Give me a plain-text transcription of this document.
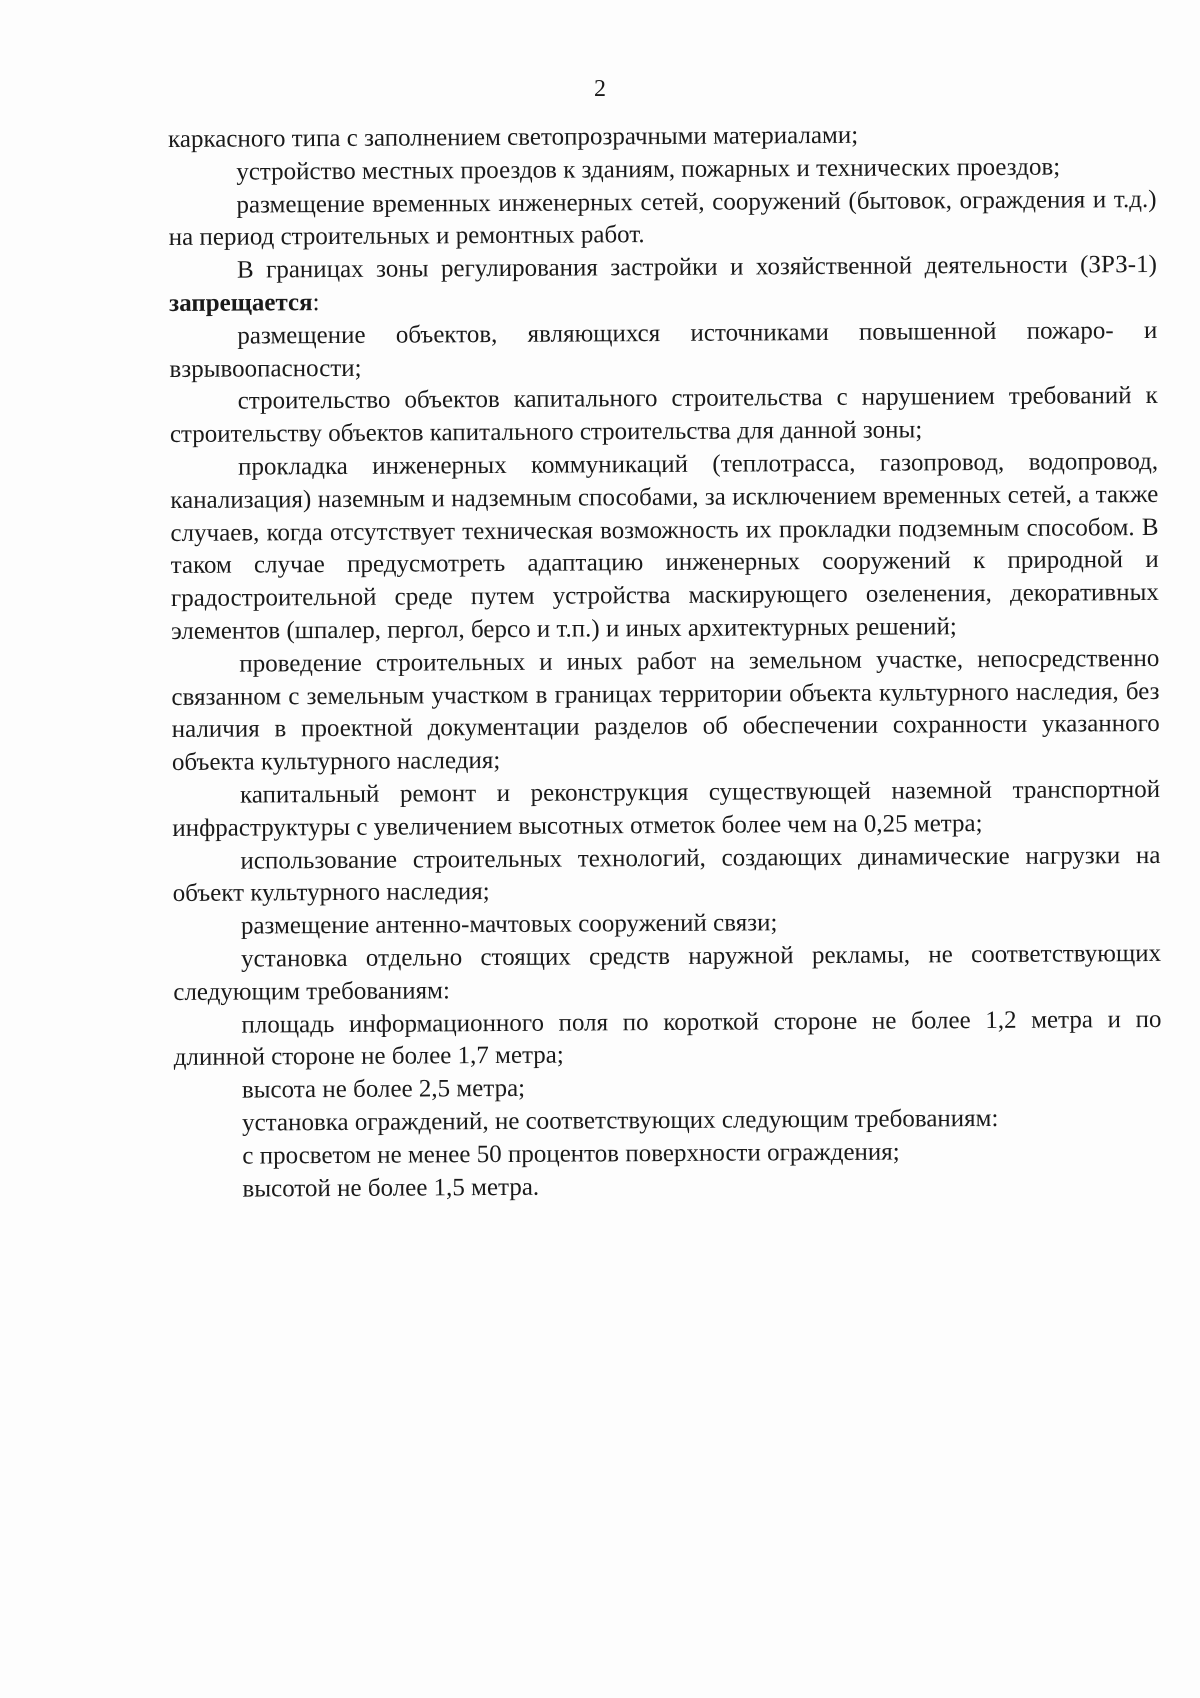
2

каркасного типа с заполнением светопрозрачными материалами;

устройство местных проездов к зданиям, пожарных и технических проездов;

размещение временных инженерных сетей, сооружений (бытовок, ограждения и т.д.) на период строительных и ремонтных работ.

В границах зоны регулирования застройки и хозяйственной деятельности (ЗРЗ-1) запрещается:

размещение объектов, являющихся источниками повышенной пожаро- и взрывоопасности;

строительство объектов капитального строительства с нарушением требований к строительству объектов капитального строительства для данной зоны;

прокладка инженерных коммуникаций (теплотрасса, газопровод, водопровод, канализация) наземным и надземным способами, за исключением временных сетей, а также случаев, когда отсутствует техническая возможность их прокладки подземным способом. В таком случае предусмотреть адаптацию инженерных сооружений к природной и градостроительной среде путем устройства маскирующего озеленения, декоративных элементов (шпалер, пергол, берсо и т.п.) и иных архитектурных решений;

проведение строительных и иных работ на земельном участке, непосредственно связанном с земельным участком в границах территории объекта культурного наследия, без наличия в проектной документации разделов об обеспечении сохранности указанного объекта культурного наследия;

капитальный ремонт и реконструкция существующей наземной транспортной инфраструктуры с увеличением высотных отметок более чем на 0,25 метра;

использование строительных технологий, создающих динамические нагрузки на объект культурного наследия;

размещение антенно-мачтовых сооружений связи;

установка отдельно стоящих средств наружной рекламы, не соответствующих следующим требованиям:

площадь информационного поля по короткой стороне не более 1,2 метра и по длинной стороне не более 1,7 метра;

высота не более 2,5 метра;

установка ограждений, не соответствующих следующим требованиям:

с просветом не менее 50 процентов поверхности ограждения;

высотой не более 1,5 метра.
